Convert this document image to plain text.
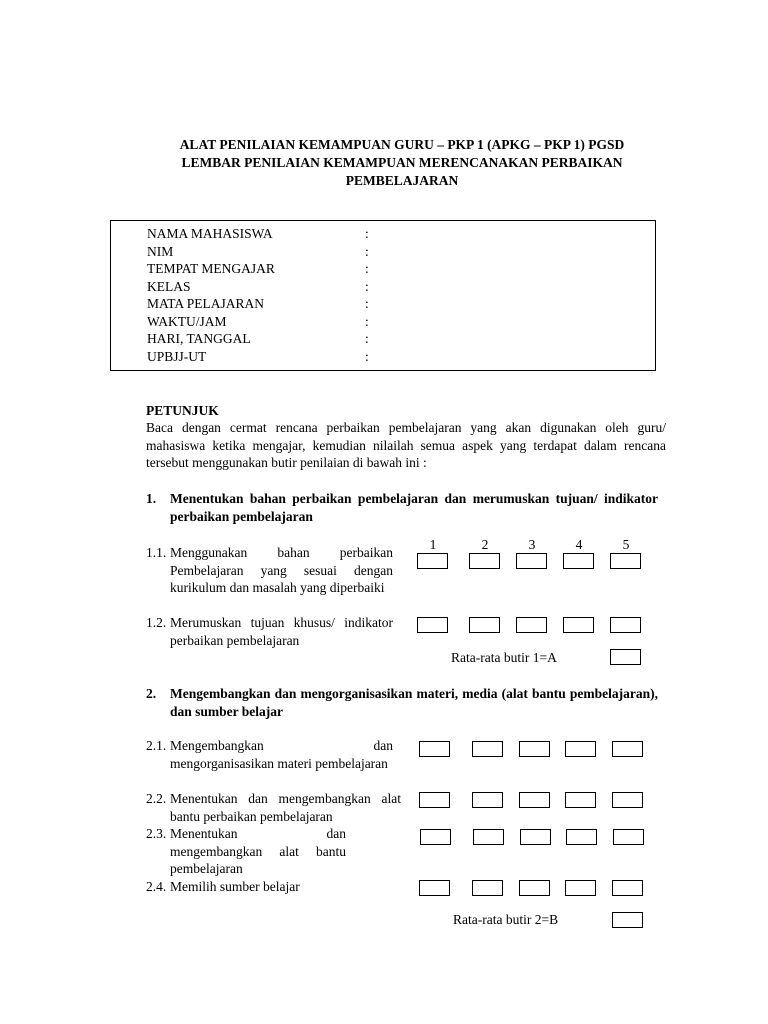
ALAT PENILAIAN KEMAMPUAN GURU – PKP 1 (APKG – PKP 1) PGSD
LEMBAR PENILAIAN KEMAMPUAN MERENCANAKAN PERBAIKAN
PEMBELAJARAN
NAMA MAHASISWA	:
NIM	:
TEMPAT MENGAJAR	:
KELAS	:
MATA PELAJARAN	:
WAKTU/JAM	:
HARI, TANGGAL	:
UPBJJ-UT	:
PETUNJUK
Baca dengan cermat rencana perbaikan pembelajaran yang akan digunakan oleh guru/ mahasiswa ketika mengajar, kemudian nilailah semua aspek yang terdapat dalam rencana tersebut menggunakan butir penilaian di bawah ini :
1. Menentukan bahan perbaikan pembelajaran dan merumuskan tujuan/ indikator perbaikan pembelajaran
1	2	3	4	5
1.1. Menggunakan bahan perbaikan Pembelajaran yang sesuai dengan kurikulum dan masalah yang diperbaiki
1.2. Merumuskan tujuan khusus/ indikator perbaikan pembelajaran
Rata-rata butir 1=A
2. Mengembangkan dan mengorganisasikan materi, media (alat bantu pembelajaran), dan sumber belajar
2.1. Mengembangkan dan mengorganisasikan materi pembelajaran
2.2. Menentukan dan mengembangkan alat bantu perbaikan pembelajaran
2.3. Menentukan dan mengembangkan alat bantu pembelajaran
2.4. Memilih sumber belajar
Rata-rata butir 2=B
